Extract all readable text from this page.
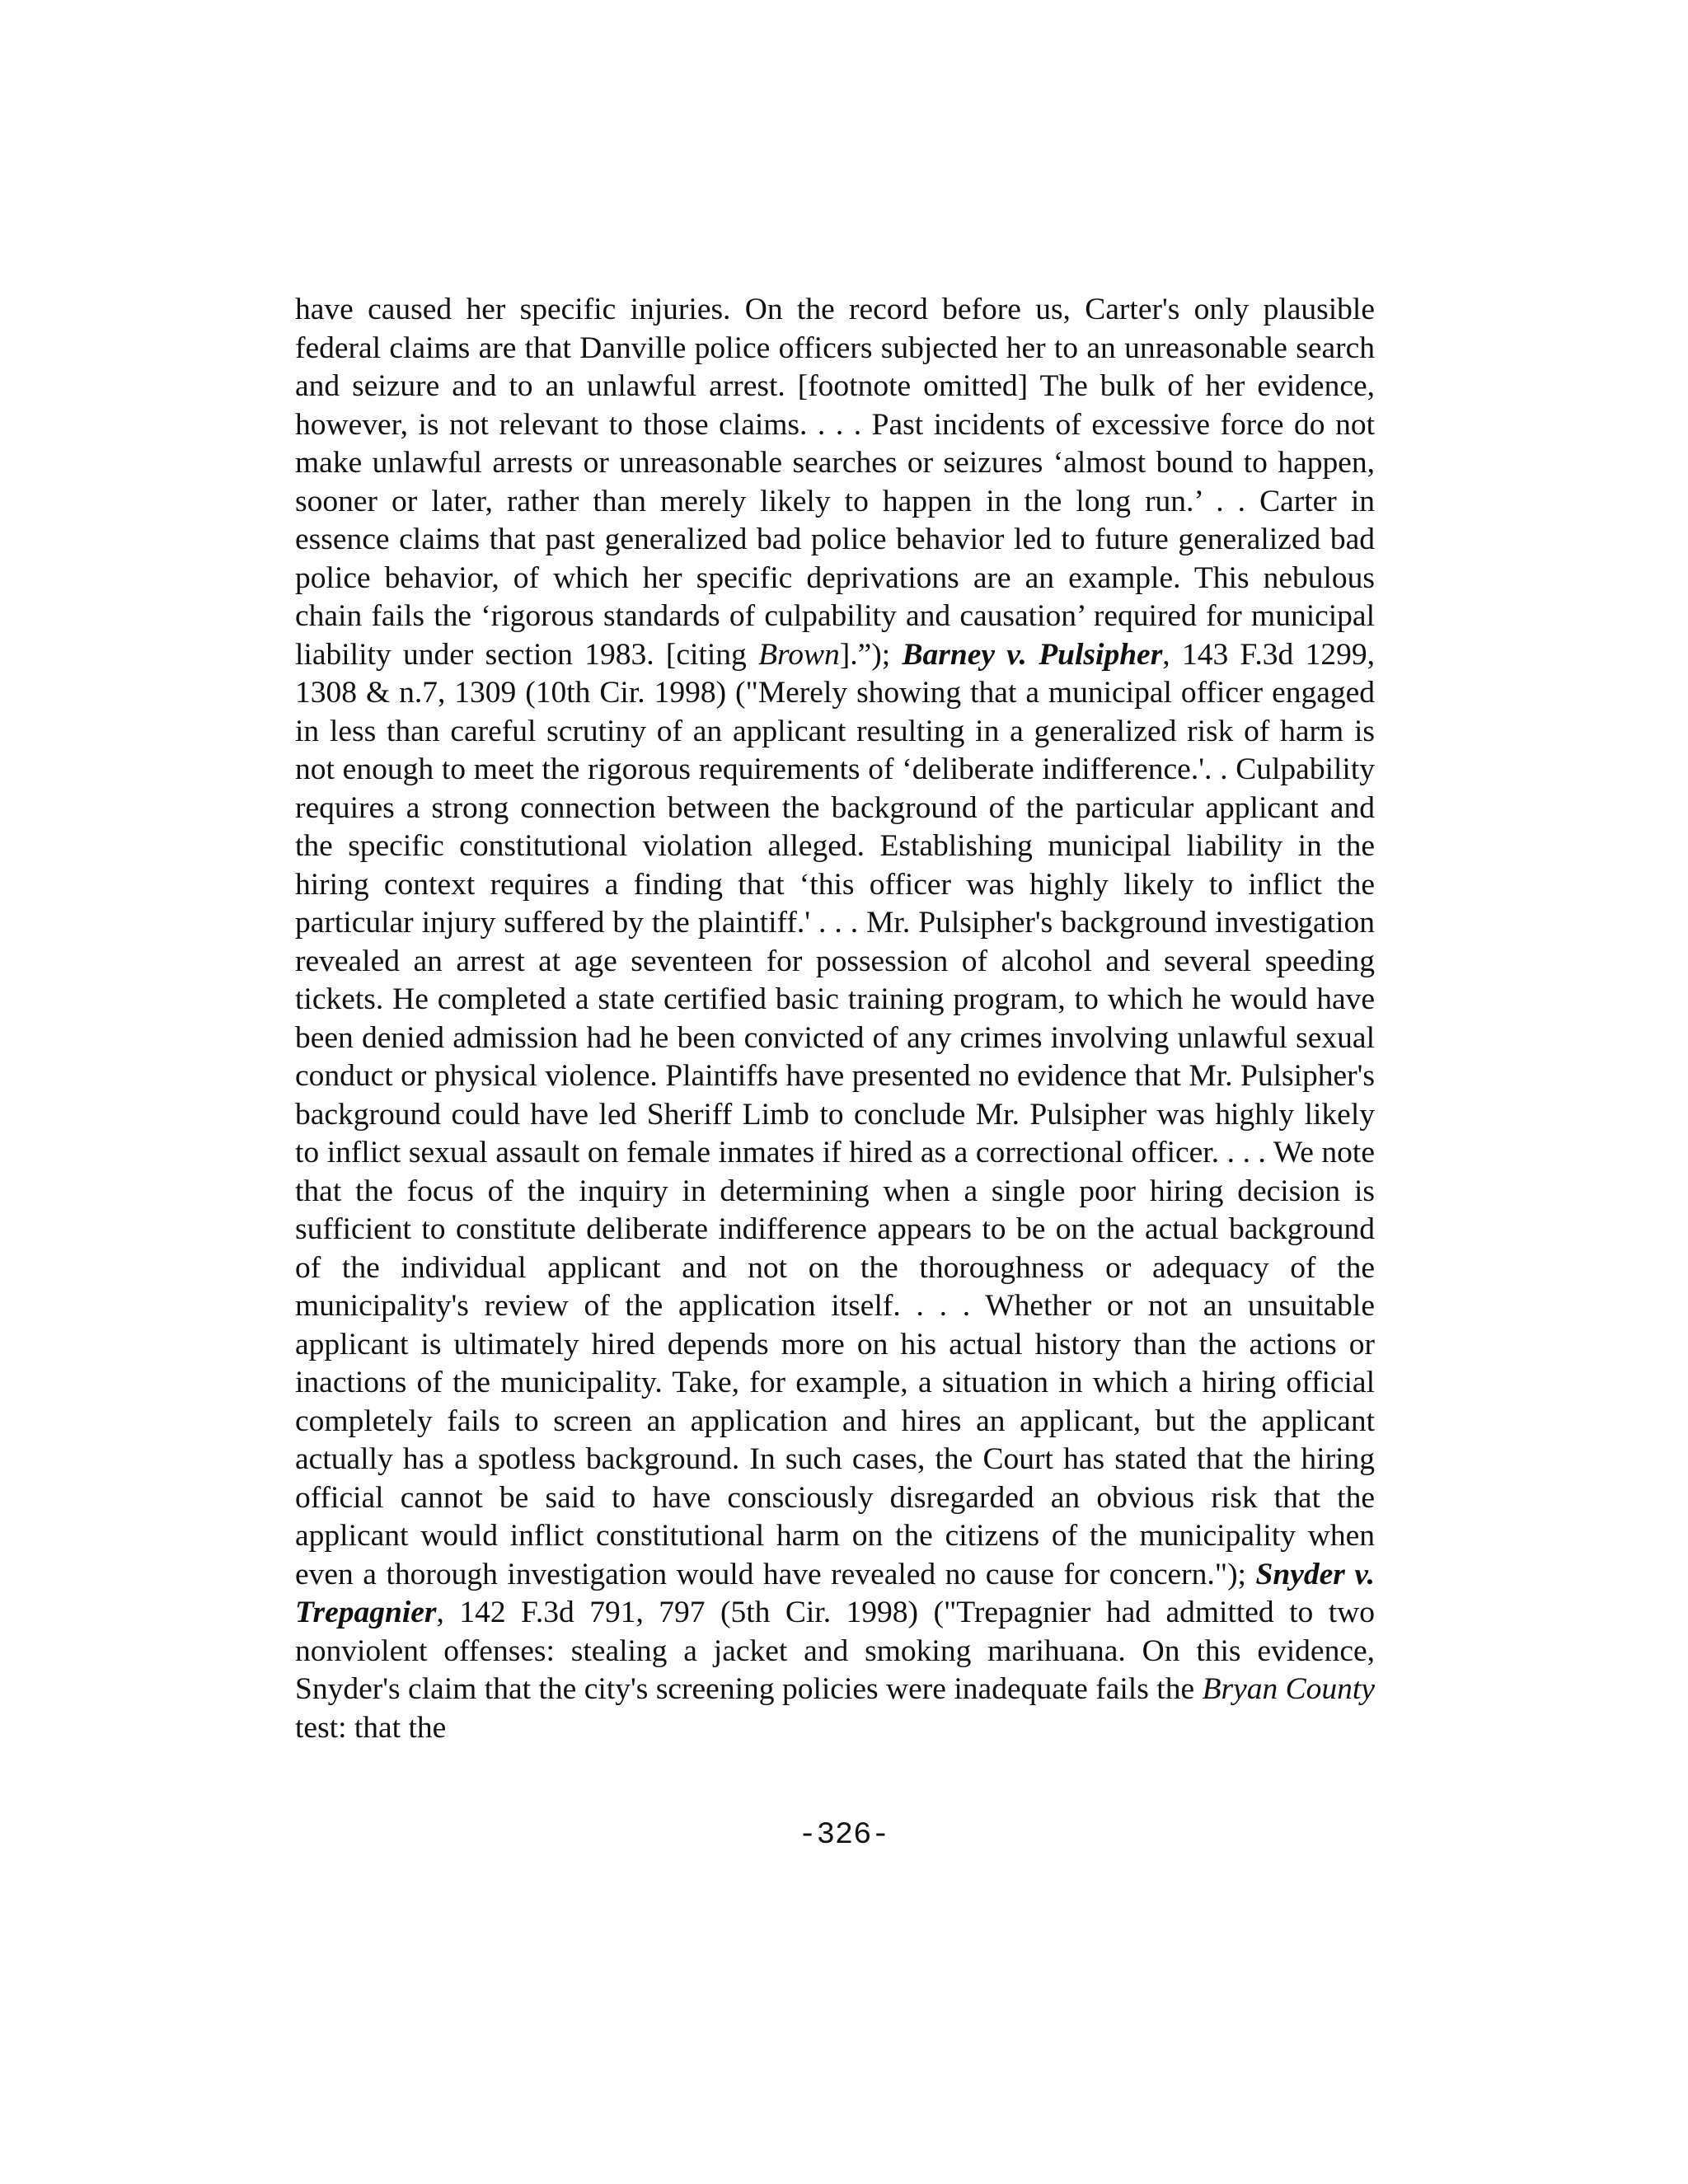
have caused her specific injuries. On the record before us, Carter's only plausible federal claims are that Danville police officers subjected her to an unreasonable search and seizure and to an unlawful arrest. [footnote omitted] The bulk of her evidence, however, is not relevant to those claims. . . . Past incidents of excessive force do not make unlawful arrests or unreasonable searches or seizures ‘almost bound to happen, sooner or later, rather than merely likely to happen in the long run.’ . . Carter in essence claims that past generalized bad police behavior led to future generalized bad police behavior, of which her specific deprivations are an example. This nebulous chain fails the ‘rigorous standards of culpability and causation’ required for municipal liability under section 1983. [citing Brown].”); Barney v. Pulsipher, 143 F.3d 1299, 1308 & n.7, 1309 (10th Cir. 1998) ("Merely showing that a municipal officer engaged in less than careful scrutiny of an applicant resulting in a generalized risk of harm is not enough to meet the rigorous requirements of ‘deliberate indifference.'. . Culpability requires a strong connection between the background of the particular applicant and the specific constitutional violation alleged. Establishing municipal liability in the hiring context requires a finding that ‘this officer was highly likely to inflict the particular injury suffered by the plaintiff.' . . . Mr. Pulsipher's background investigation revealed an arrest at age seventeen for possession of alcohol and several speeding tickets. He completed a state certified basic training program, to which he would have been denied admission had he been convicted of any crimes involving unlawful sexual conduct or physical violence. Plaintiffs have presented no evidence that Mr. Pulsipher's background could have led Sheriff Limb to conclude Mr. Pulsipher was highly likely to inflict sexual assault on female inmates if hired as a correctional officer. . . . We note that the focus of the inquiry in determining when a single poor hiring decision is sufficient to constitute deliberate indifference appears to be on the actual background of the individual applicant and not on the thoroughness or adequacy of the municipality's review of the application itself. . . . Whether or not an unsuitable applicant is ultimately hired depends more on his actual history than the actions or inactions of the municipality. Take, for example, a situation in which a hiring official completely fails to screen an application and hires an applicant, but the applicant actually has a spotless background. In such cases, the Court has stated that the hiring official cannot be said to have consciously disregarded an obvious risk that the applicant would inflict constitutional harm on the citizens of the municipality when even a thorough investigation would have revealed no cause for concern."); Snyder v. Trepagnier, 142 F.3d 791, 797 (5th Cir. 1998) ("Trepagnier had admitted to two nonviolent offenses: stealing a jacket and smoking marihuana. On this evidence, Snyder's claim that the city's screening policies were inadequate fails the Bryan County test: that the

-326-
